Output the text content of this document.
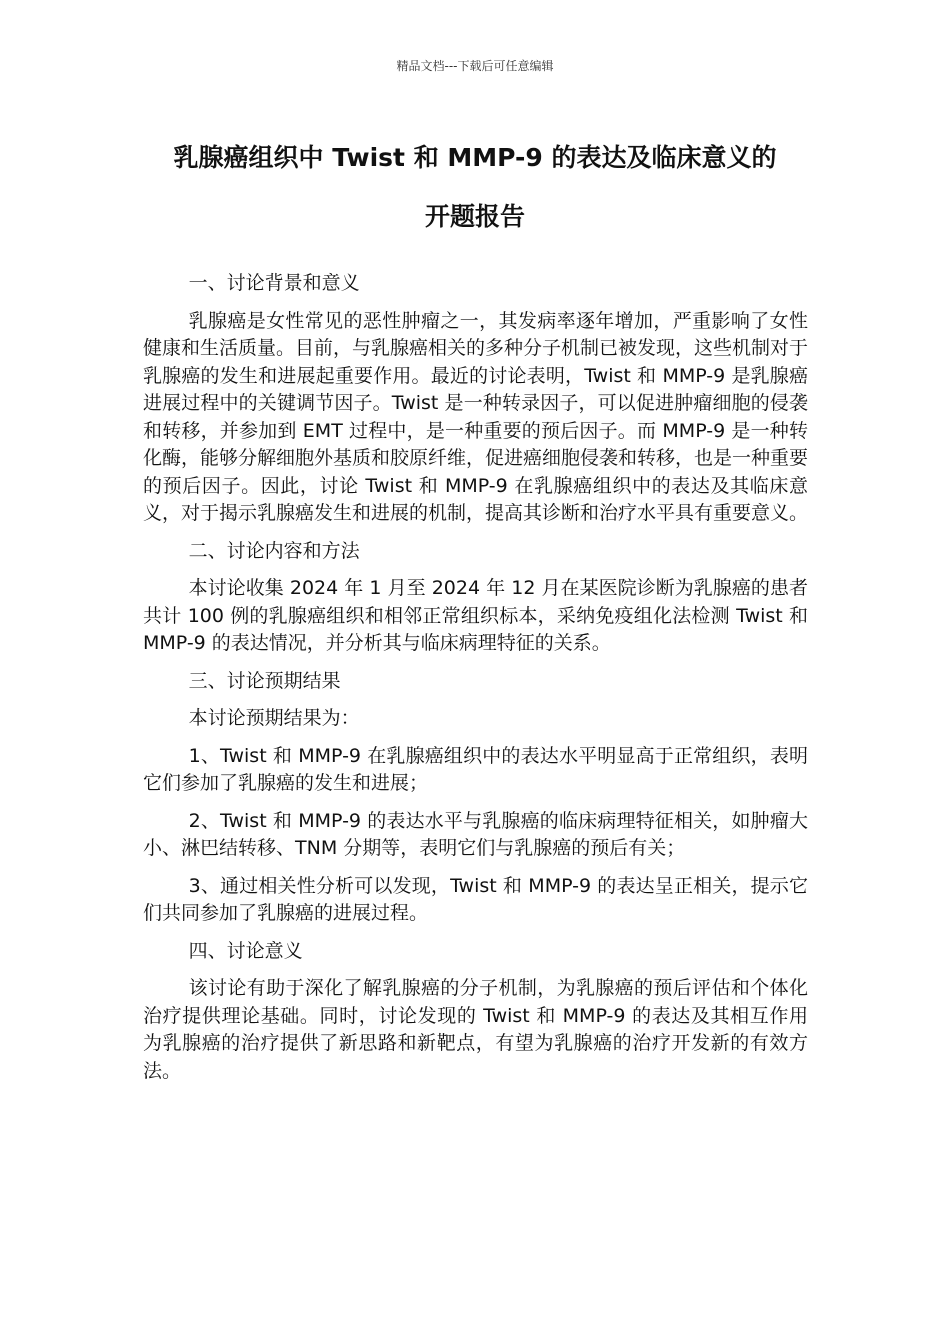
精品文档---下载后可任意编辑
乳腺癌组织中 Twist 和 MMP-9 的表达及临床意义的
开题报告

一、讨论背景和意义

乳腺癌是女性常见的恶性肿瘤之一，其发病率逐年增加，严重影响了女性健康和生活质量。目前，与乳腺癌相关的多种分子机制已被发现，这些机制对于乳腺癌的发生和进展起重要作用。最近的讨论表明，Twist 和 MMP-9 是乳腺癌进展过程中的关键调节因子。Twist 是一种转录因子，可以促进肿瘤细胞的侵袭和转移，并参加到 EMT 过程中，是一种重要的预后因子。而 MMP-9 是一种转化酶，能够分解细胞外基质和胶原纤维，促进癌细胞侵袭和转移，也是一种重要的预后因子。因此，讨论 Twist 和 MMP-9 在乳腺癌组织中的表达及其临床意义，对于揭示乳腺癌发生和进展的机制，提高其诊断和治疗水平具有重要意义。

二、讨论内容和方法

本讨论收集 2024 年 1 月至 2024 年 12 月在某医院诊断为乳腺癌的患者共计 100 例的乳腺癌组织和相邻正常组织标本，采纳免疫组化法检测 Twist 和 MMP-9 的表达情况，并分析其与临床病理特征的关系。

三、讨论预期结果

本讨论预期结果为：

1、Twist 和 MMP-9 在乳腺癌组织中的表达水平明显高于正常组织，表明它们参加了乳腺癌的发生和进展；

2、Twist 和 MMP-9 的表达水平与乳腺癌的临床病理特征相关，如肿瘤大小、淋巴结转移、TNM 分期等，表明它们与乳腺癌的预后有关；

3、通过相关性分析可以发现，Twist 和 MMP-9 的表达呈正相关，提示它们共同参加了乳腺癌的进展过程。

四、讨论意义

该讨论有助于深化了解乳腺癌的分子机制，为乳腺癌的预后评估和个体化治疗提供理论基础。同时，讨论发现的 Twist 和 MMP-9 的表达及其相互作用为乳腺癌的治疗提供了新思路和新靶点，有望为乳腺癌的治疗开发新的有效方法。
